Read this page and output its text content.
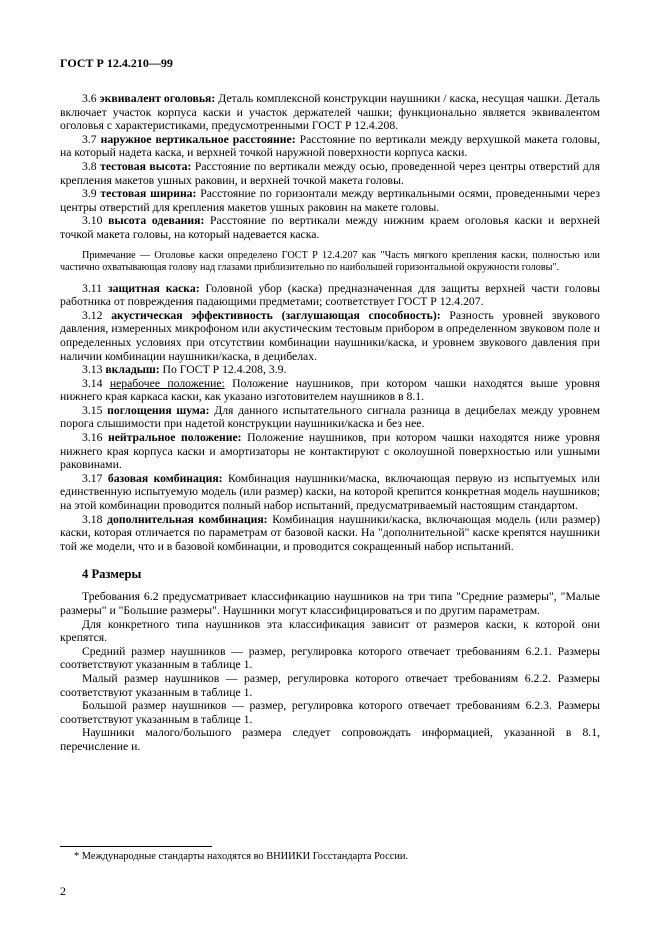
ГОСТ Р 12.4.210—99

3.6 эквивалент оголовья: Деталь комплексной конструкции наушники / каска, несущая чашки. Деталь включает участок корпуса каски и участок держателей чашки; функционально является эквивалентом оголовья с характеристиками, предусмотренными ГОСТ Р 12.4.208.

3.7 наружное вертикальное расстояние: Расстояние по вертикали между верхушкой макета головы, на который надета каска, и верхней точкой наружной поверхности корпуса каски.

3.8 тестовая высота: Расстояние по вертикали между осью, проведенной через центры отверстий для крепления макетов ушных раковин, и верхней точкой макета головы.

3.9 тестовая ширина: Расстояние по горизонтали между вертикальными осями, проведенными через центры отверстий для крепления макетов ушных раковин на макете головы.

3.10 высота одевания: Расстояние по вертикали между нижним краем оголовья каски и верхней точкой макета головы, на который надевается каска.

Примечание — Оголовье каски определено ГОСТ Р 12.4.207 как "Часть мягкого крепления каски, полностью или частично охватывающая голову над глазами приблизительно по наибольшей горизонтальной окружности головы".

3.11 защитная каска: Головной убор (каска) предназначенная для защиты верхней части головы работника от повреждения падающими предметами; соответствует ГОСТ Р 12.4.207.

3.12 акустическая эффективность (заглушающая способность): Разность уровней звукового давления, измеренных микрофоном или акустическим тестовым прибором в определенном звуковом поле и определенных условиях при отсутствии комбинации наушники/каска, и уровнем звукового давления при наличии комбинации наушники/каска, в децибелах.

3.13 вкладыш: По ГОСТ Р 12.4.208, 3.9.

3.14 нерабочее положение: Положение наушников, при котором чашки находятся выше уровня нижнего края каркаса каски, как указано изготовителем наушников в 8.1.

3.15 поглощения шума: Для данного испытательного сигнала разница в децибелах между уровнем порога слышимости при надетой конструкции наушники/каска и без нее.

3.16 нейтральное положение: Положение наушников, при котором чашки находятся ниже уровня нижнего края корпуса каски и амортизаторы не контактируют с околоушной поверхностью или ушными раковинами.

3.17 базовая комбинация: Комбинация наушники/маска, включающая первую из испытуемых или единственную испытуемую модель (или размер) каски, на которой крепится конкретная модель наушников; на этой комбинации проводится полный набор испытаний, предусматриваемый настоящим стандартом.

3.18 дополнительная комбинация: Комбинация наушники/каска, включающая модель (или размер) каски, которая отличается по параметрам от базовой каски. На "дополнительной" каске крепятся наушники той же модели, что и в базовой комбинации, и проводится сокращенный набор испытаний.

4 Размеры

Требования 6.2 предусматривает классификацию наушников на три типа "Средние размеры", "Малые размеры" и "Большие размеры". Наушники могут классифицироваться и по другим параметрам.

Для конкретного типа наушников эта классификация зависит от размеров каски, к которой они крепятся.

Средний размер наушников — размер, регулировка которого отвечает требованиям 6.2.1. Размеры соответствуют указанным в таблице 1.

Малый размер наушников — размер, регулировка которого отвечает требованиям 6.2.2. Размеры соответствуют указанным в таблице 1.

Большой размер наушников — размер, регулировка которого отвечает требованиям 6.2.3. Размеры соответствуют указанным в таблице 1.

Наушники малого/большого размера следует сопровождать информацией, указанной в 8.1, перечисление и.

* Международные стандарты находятся во ВНИИКИ Госстандарта России.

2
